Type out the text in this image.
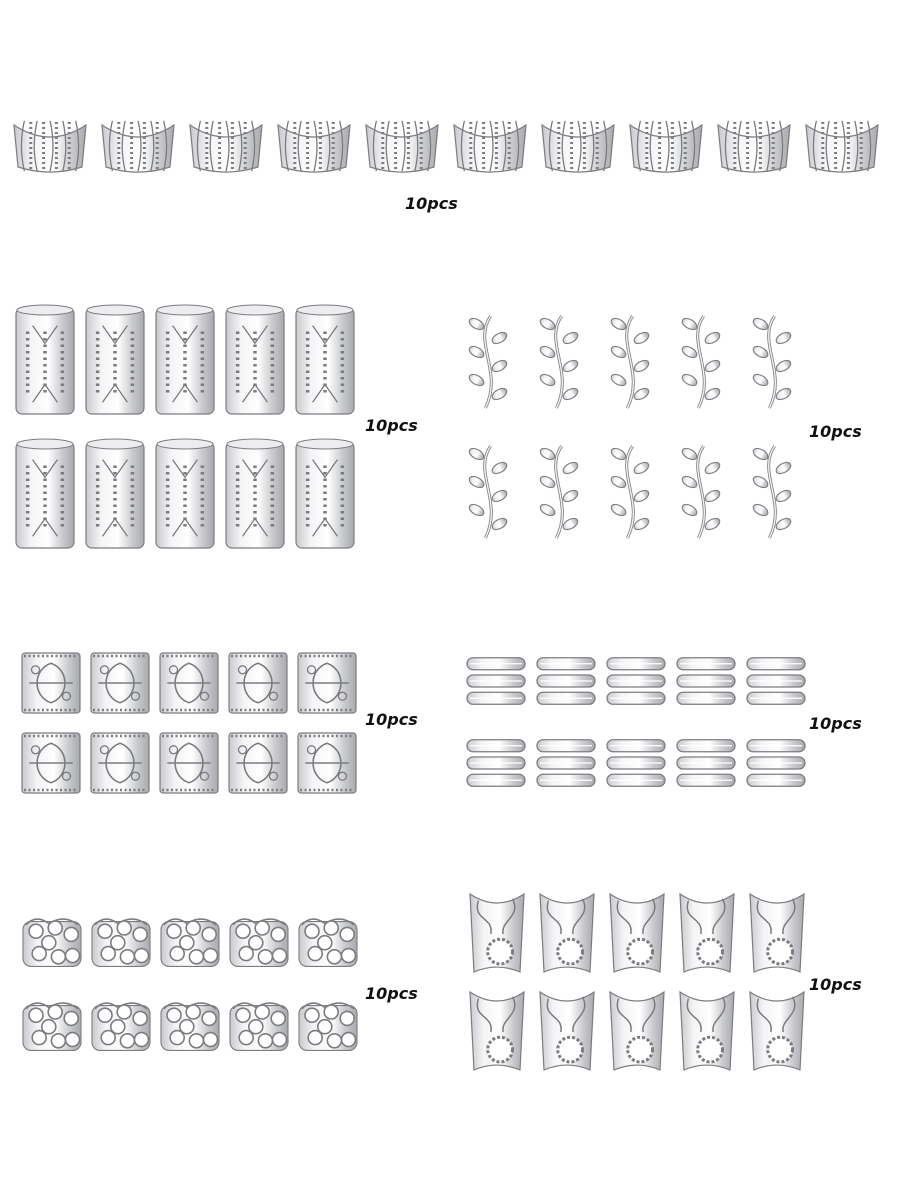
10pcs
10pcs	10pcs
10pcs	10pcs
10pcs	10pcs
